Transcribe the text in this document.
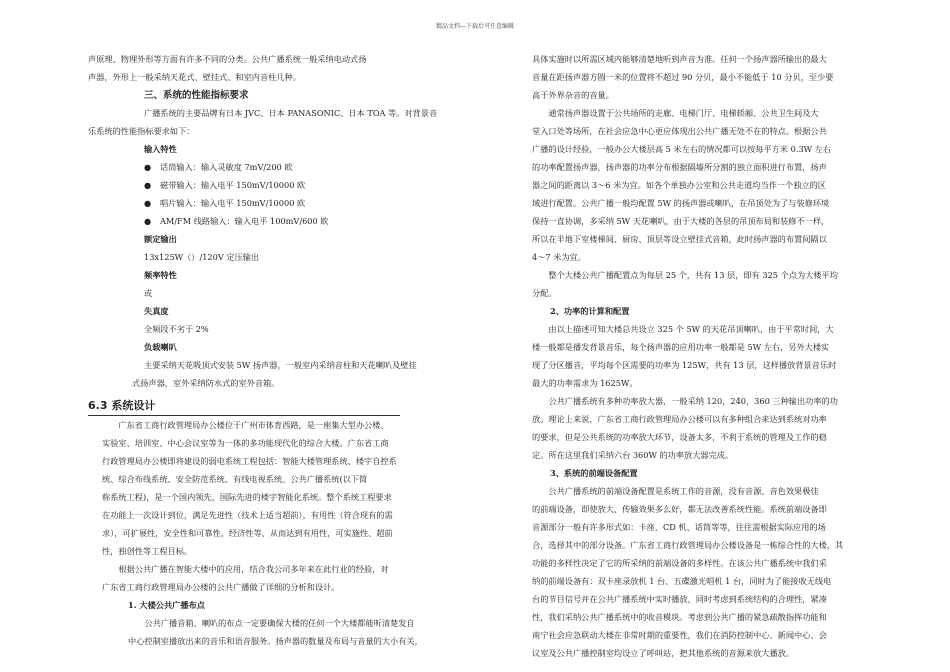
精品文档---下载后可任意编辑

声原理、物理外形等方面有许多不同的分类。公共广播系统一般采纳电动式扬

声器，外形上一般采纳天花式、壁挂式、和室内音柱几种。

三、系统的性能指标要求

广播系统的主要品牌有日本 JVC、日本 PANASONIC、日本 TOA 等。对背景音

乐系统的性能指标要求如下：

输入特性

● 话筒输入：输入灵敏度 7mV/200 欧

● 磁带输入：输入电平 150mV/10000 欧

● 唱片输入：输入电平 150mV/10000 欧

● AM/FM 线路输入：输入电平 100mV/600 欧

额定输出

13x125W（）/120V 定压输出

频率特性

或

失真度

全频段不劣于 2%

负载喇叭

主要采纳天花吸顶式安装 5W 扬声器，一般室内采纳音柱和天花喇叭及壁挂

式扬声器，室外采纳防水式的室外音箱。

6.3 系统设计

广东省工商行政管理局办公楼位于广州市体育西路，是一座集大型办公楼、

实验室、培训室、中心会议室等为一体的多功能现代化的综合大楼。广东省工商

行政管理局办公楼即将建设的弱电系统工程包括：智能大楼管理系统、楼宇自控系

统、综合布线系统、安全防范系统、有线电视系统、公共广播系统(以下简

称系统工程)，是一个国内领先，国际先进的楼宇智能化系统。整个系统工程要求

在功能上一次设计到位，满足先进性（技术上适当超前），有用性（符合现有的需

求），可扩展性，安全性和可靠性，经济性等，从而达到有用性，可实施性、超前

性，独创性等工程目标。

根据公共广播在智能大楼中的应用，结合我公司多年来在此行业的经验，对

广东省工商行政管理局办公楼的公共广播做了详细的分析和设计。

1. 大楼公共广播布点

公共广播音箱、喇叭的布点一定要确保大楼的任何一个大楼都能听清楚发自

中心控制室播放出来的音乐和语音服务。扬声器的数量及布局与音量的大小有关，

具体实施时以所需区域内能够清楚地听到声音为准。任何一个扬声器所输出的最大

音量在距扬声器方圆一米的位置将不超过 90 分贝，最小不能低于 10 分贝，至少要

高于外界杂音的音量。

通常扬声器设置于公共场所的走廊、电梯门厅、电梯轿厢、公共卫生间及大

堂入口处等场所，在社会应急中心更应体现出公共广播无处不在的特点。根据公共

广播的设计经验，一般办公大楼层高 5 米左右的情况都可以按每平方米 0.3W 左右

的功率配置扬声器，扬声器的功率分布根据隔墙所分割的独立面积进行布置，扬声

器之间的距离以 3～6 米为宜。如各个单独办公室和公共走道均当作一个独立的区

域进行配置。公共广播一般均配置 5W 的扬声器或喇叭，在吊顶处为了与装修环境

保持一直协调，多采纳 5W 天花喇叭，由于大楼的各层的吊顶布局和装修不一样，

所以在半地下室楼梯间、厨房、顶层等设立壁挂式音箱，此时扬声器的布置间隔以

4～7 米为宜。

整个大楼公共广播配置点为每层 25 个，共有 13 层，即有 325 个点为大楼平均

分配。

2、功率的计算和配置

由以上描述可知大楼总共设立 325 个 5W 的天花吊顶喇叭，由于平常时间，大

楼一般都是播发背景音乐，每个扬声器的应用功率一般都是 5W 左右，另外大楼实

现了分区播音，平均每个区需要的功率为 125W，共有 13 层，这样播放背景音乐时

最大的功率需求为 1625W。

公共广播系统有多种功率放大器，一般采纳 120，240，360 三种输出功率的功

放。理论上来说，广东省工商行政管理局办公楼可以有多种组合来达到系统对功率

的要求，但是公共系统的功率放大环节，设备太多，不利于系统的管理及工作的稳

定。所在这里我们采纳六台 360W 的功率放大器完成。

3、系统的前端设备配置

公共广播系统的前端设备配置是系统工作的音源，没有音源、音色效果极佳

的前端设备，即使放大、传输效果多么好，都无法改善系统性能。系统前端设备即

音源部分一般有许多形式如：卡座、CD 机、话筒等等，往往需根据实际应用的场

合，选择其中的部分设备。广东省工商行政管理局办公楼设备是一栋综合性的大楼，其

功能的多样性决定了它的所采纳的前端设备的多样性。在该公共广播系统中我们采

纳的前端设备有：双卡座录放机 1 台、五碟激光唱机 1 台，同时为了能接收无线电

台的节目信号并在公共广播系统中实时播放，同时考虑到系统结构的合理性，紧凑

性，我们采纳公共广播系统中的收音模块。考虑到公共广播的紧急疏散指挥功能和

南宁社会应急联动大楼在非常时期的重要性，我们在消防控制中心、新闻中心、会

议室及公共广播控制室均设立了呼叫站，把其他系统的音源来放大播放。
